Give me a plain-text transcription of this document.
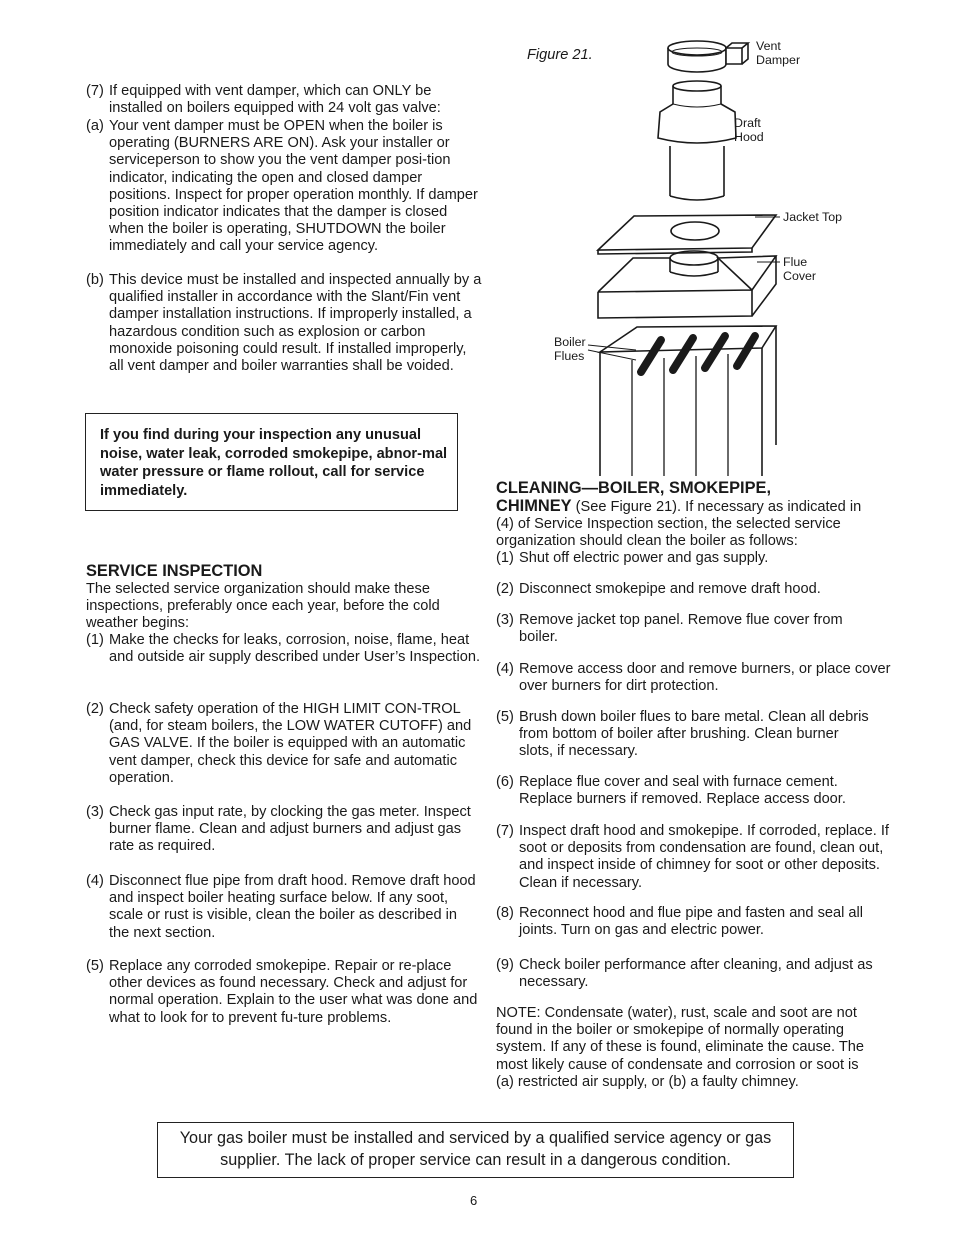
(7) If equipped with vent damper, which can ONLY be installed on boilers equipped with 24 volt gas valve:
(a) Your vent damper must be OPEN when the boiler is operating (BURNERS ARE ON). Ask your installer or serviceperson to show you the vent damper posi-tion indicator, indicating the open and closed damper positions. Inspect for proper operation monthly. If damper position indicator indicates that the damper is closed when the boiler is operating, SHUTDOWN the boiler immediately and call your service agency.
(b) This device must be installed and inspected annually by a qualified installer in accordance with the Slant/Fin vent damper installation instructions. If improperly installed, a hazardous condition such as explosion or carbon monoxide poisoning could result. If installed improperly, all vent damper and boiler warranties shall be voided.

If you find during your inspection any unusual noise, water leak, corroded smokepipe, abnor-mal water pressure or flame rollout, call for service immediately.

SERVICE INSPECTION

The selected service organization should make these inspections, preferably once each year, before the cold weather begins:

(1) Make the checks for leaks, corrosion, noise, flame, heat and outside air supply described under User’s Inspection.
(2) Check safety operation of the HIGH LIMIT CON-TROL (and, for steam boilers, the LOW WATER CUTOFF) and GAS VALVE. If the boiler is equipped with an automatic vent damper, check this device for safe and automatic operation.
(3) Check gas input rate, by clocking the gas meter. Inspect burner flame. Clean and adjust burners and adjust gas rate as required.
(4) Disconnect flue pipe from draft hood. Remove draft hood and inspect boiler heating surface below. If any soot, scale or rust is visible, clean the boiler as described in the next section.
(5) Replace any corroded smokepipe. Repair or re-place other devices as found necessary. Check and adjust for normal operation. Explain to the user what was done and what to look for to prevent fu-ture problems.
Figure 21.
Vent
Damper
Draft
Hood
Jacket Top
Flue
Cover
Boiler
Flues
CLEANING—BOILER, SMOKEPIPE,

CHIMNEY (See Figure 21). If necessary as indicated in (4) of Service Inspection section, the selected service organization should clean the boiler as follows:

(1) Shut off electric power and gas supply.
(2) Disconnect smokepipe and remove draft hood.
(3) Remove jacket top panel. Remove flue cover from boiler.
(4) Remove access door and remove burners, or place cover over burners for dirt protection.
(5) Brush down boiler flues to bare metal. Clean all debris from bottom of boiler after brushing. Clean burner slots, if necessary.
(6) Replace flue cover and seal with furnace cement. Replace burners if removed. Replace access door.
(7) Inspect draft hood and smokepipe. If corroded, replace. If soot or deposits from condensation are found, clean out, and inspect inside of chimney for soot or other deposits. Clean if necessary.
(8) Reconnect hood and flue pipe and fasten and seal all joints. Turn on gas and electric power.
(9) Check boiler performance after cleaning, and adjust as necessary.

NOTE: Condensate (water), rust, scale and soot are not found in the boiler or smokepipe of normally operating system. If any of these is found, eliminate the cause. The most likely cause of condensate and corrosion or soot is (a) restricted air supply, or (b) a faulty chimney.

Your gas boiler must be installed and serviced by a qualified service agency or gas supplier. The lack of proper service can result in a dangerous condition.
6
